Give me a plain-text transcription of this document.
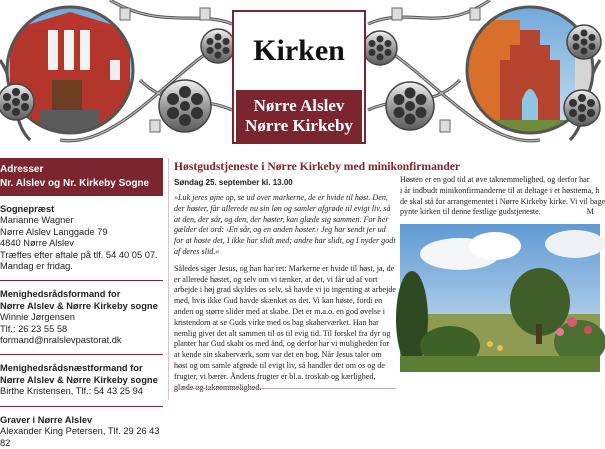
Kirken
Nørre Alslev
Nørre Kirkeby
Adresser
Nr. Alslev og Nr. Kirkeby Sogne
Sognepræst
Marianne Wagner
Nørre Alslev Langgade 79
4840 Nørre Alslev
Træffes efter aftale på tlf. 54 40 05 07.
Mandag er fridag.
Menighedsrådsformand for
Nørre Alslev & Nørre Kirkeby sogne
Winnie Jørgensen
Tlf.: 26 23 55 58
formand@nralslevpastorat.dk
Menighedsrådsnæstformand for
Nørre Alslev & Nørre Kirkeby sogne
Birthe Kristensen, Tlf.: 54 43 25 94
Graver i Nørre Alslev
Alexander King Petersen, Tlf. 29 26 43 82
Høstgudstjeneste i Nørre Kirkeby med minikonfirmander
Søndag 25. september kl. 13.00
»Luk jeres øjne op, se ud over markerne, de er hvide til høst. Den, der høster, får allerede nu sin løn og samler afgrøde til evigt liv, så at den, der sår, og den, der høster, kan glæde sig sammen. For her gælder det ord: ›En sår, og en anden høster.‹ Jeg har sendt jer ud for at høste det, I ikke har slidt med; andre har slidt, og I nyder godt af deres slid.«
Således siger Jesus, og han har ret: Markerne er hvide til høst, ja, de er allerede høstet, og selv om vi tænker, at det, vi får ud af vort arbejde i høj grad skyldes os selv, så havde vi jo ingenting at arbejde med, hvis ikke Gud havde skænket os det. Vi kan høste, fordi en anden og større slider med at skabe. Det er m.a.o. en god øvelse i kristendom at se Guds virke med os bag skaberværket. Han har nemlig givet det alt sammen til os til evig tid. Til forskel fra dyr og planter har Gud skabt os med ånd, og derfor har vi muligheden for at kende sin skaberværk, som var det en bog. Når Jesus taler om høst og om samle afgrøde til evigt liv, så handler det om os og de frugter, vi bærer. Åndens frugter er bl.a. troskab og kærlighed,
Høsten er en god tid at øve taknemmelighed, og derfor har
i år indbudt minikonfirmanderne til at deltage i et høsttema, h
de skal stå for arrangementet i Nørre Kirkeby kirke. Vi vil bage
pynte kirken til denne festlige gudstjeneste.	M
